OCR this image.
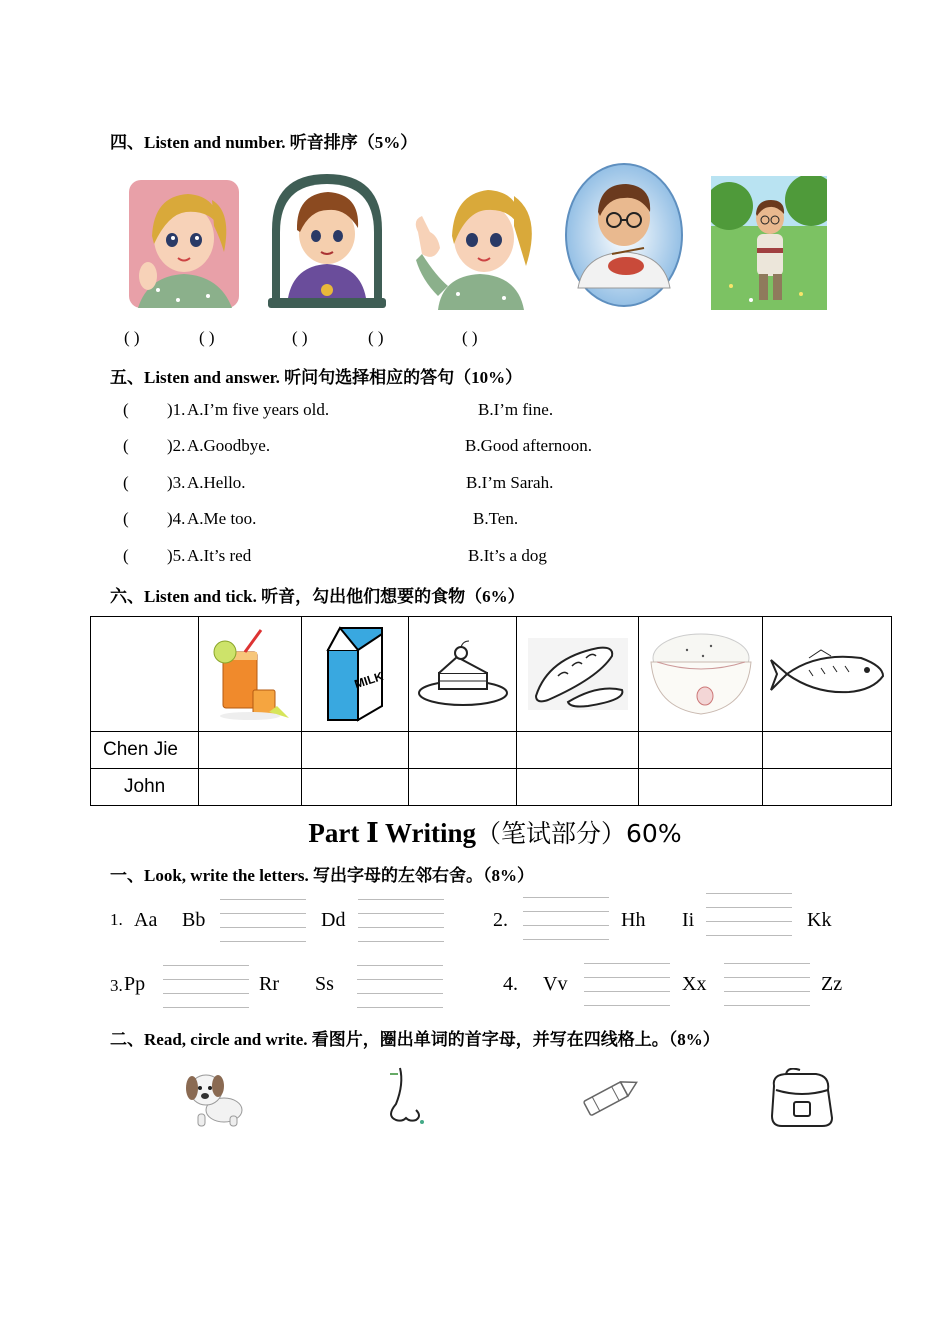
四、Listen and number. 听音排序（5%）
( )	( )	( )	( )	( )
五、Listen and answer. 听问句选择相应的答句（10%）
( )1. A.I’m five years old.	B.I’m fine.
( )2. A.Goodbye.	B.Good afternoon.
( )3. A.Hello.	B.I’m Sarah.
( )4. A.Me too.	B.Ten.
( )5. A.It’s red	B.It’s a dog
六、Listen and tick. 听音，勾出他们想要的食物（6%）

MILK

Chen Jie						
John						
Part Ⅰ Writing（笔试部分）60%
一、Look, write the letters. 写出字母的左邻右舍。（8%）
1. Aa Bb	Dd	2.	Hh Ii	Kk
3. Pp	Rr Ss	4. Vv	Xx	Zz
二、Read, circle and write. 看图片，圈出单词的首字母，并写在四线格上。（8%）
